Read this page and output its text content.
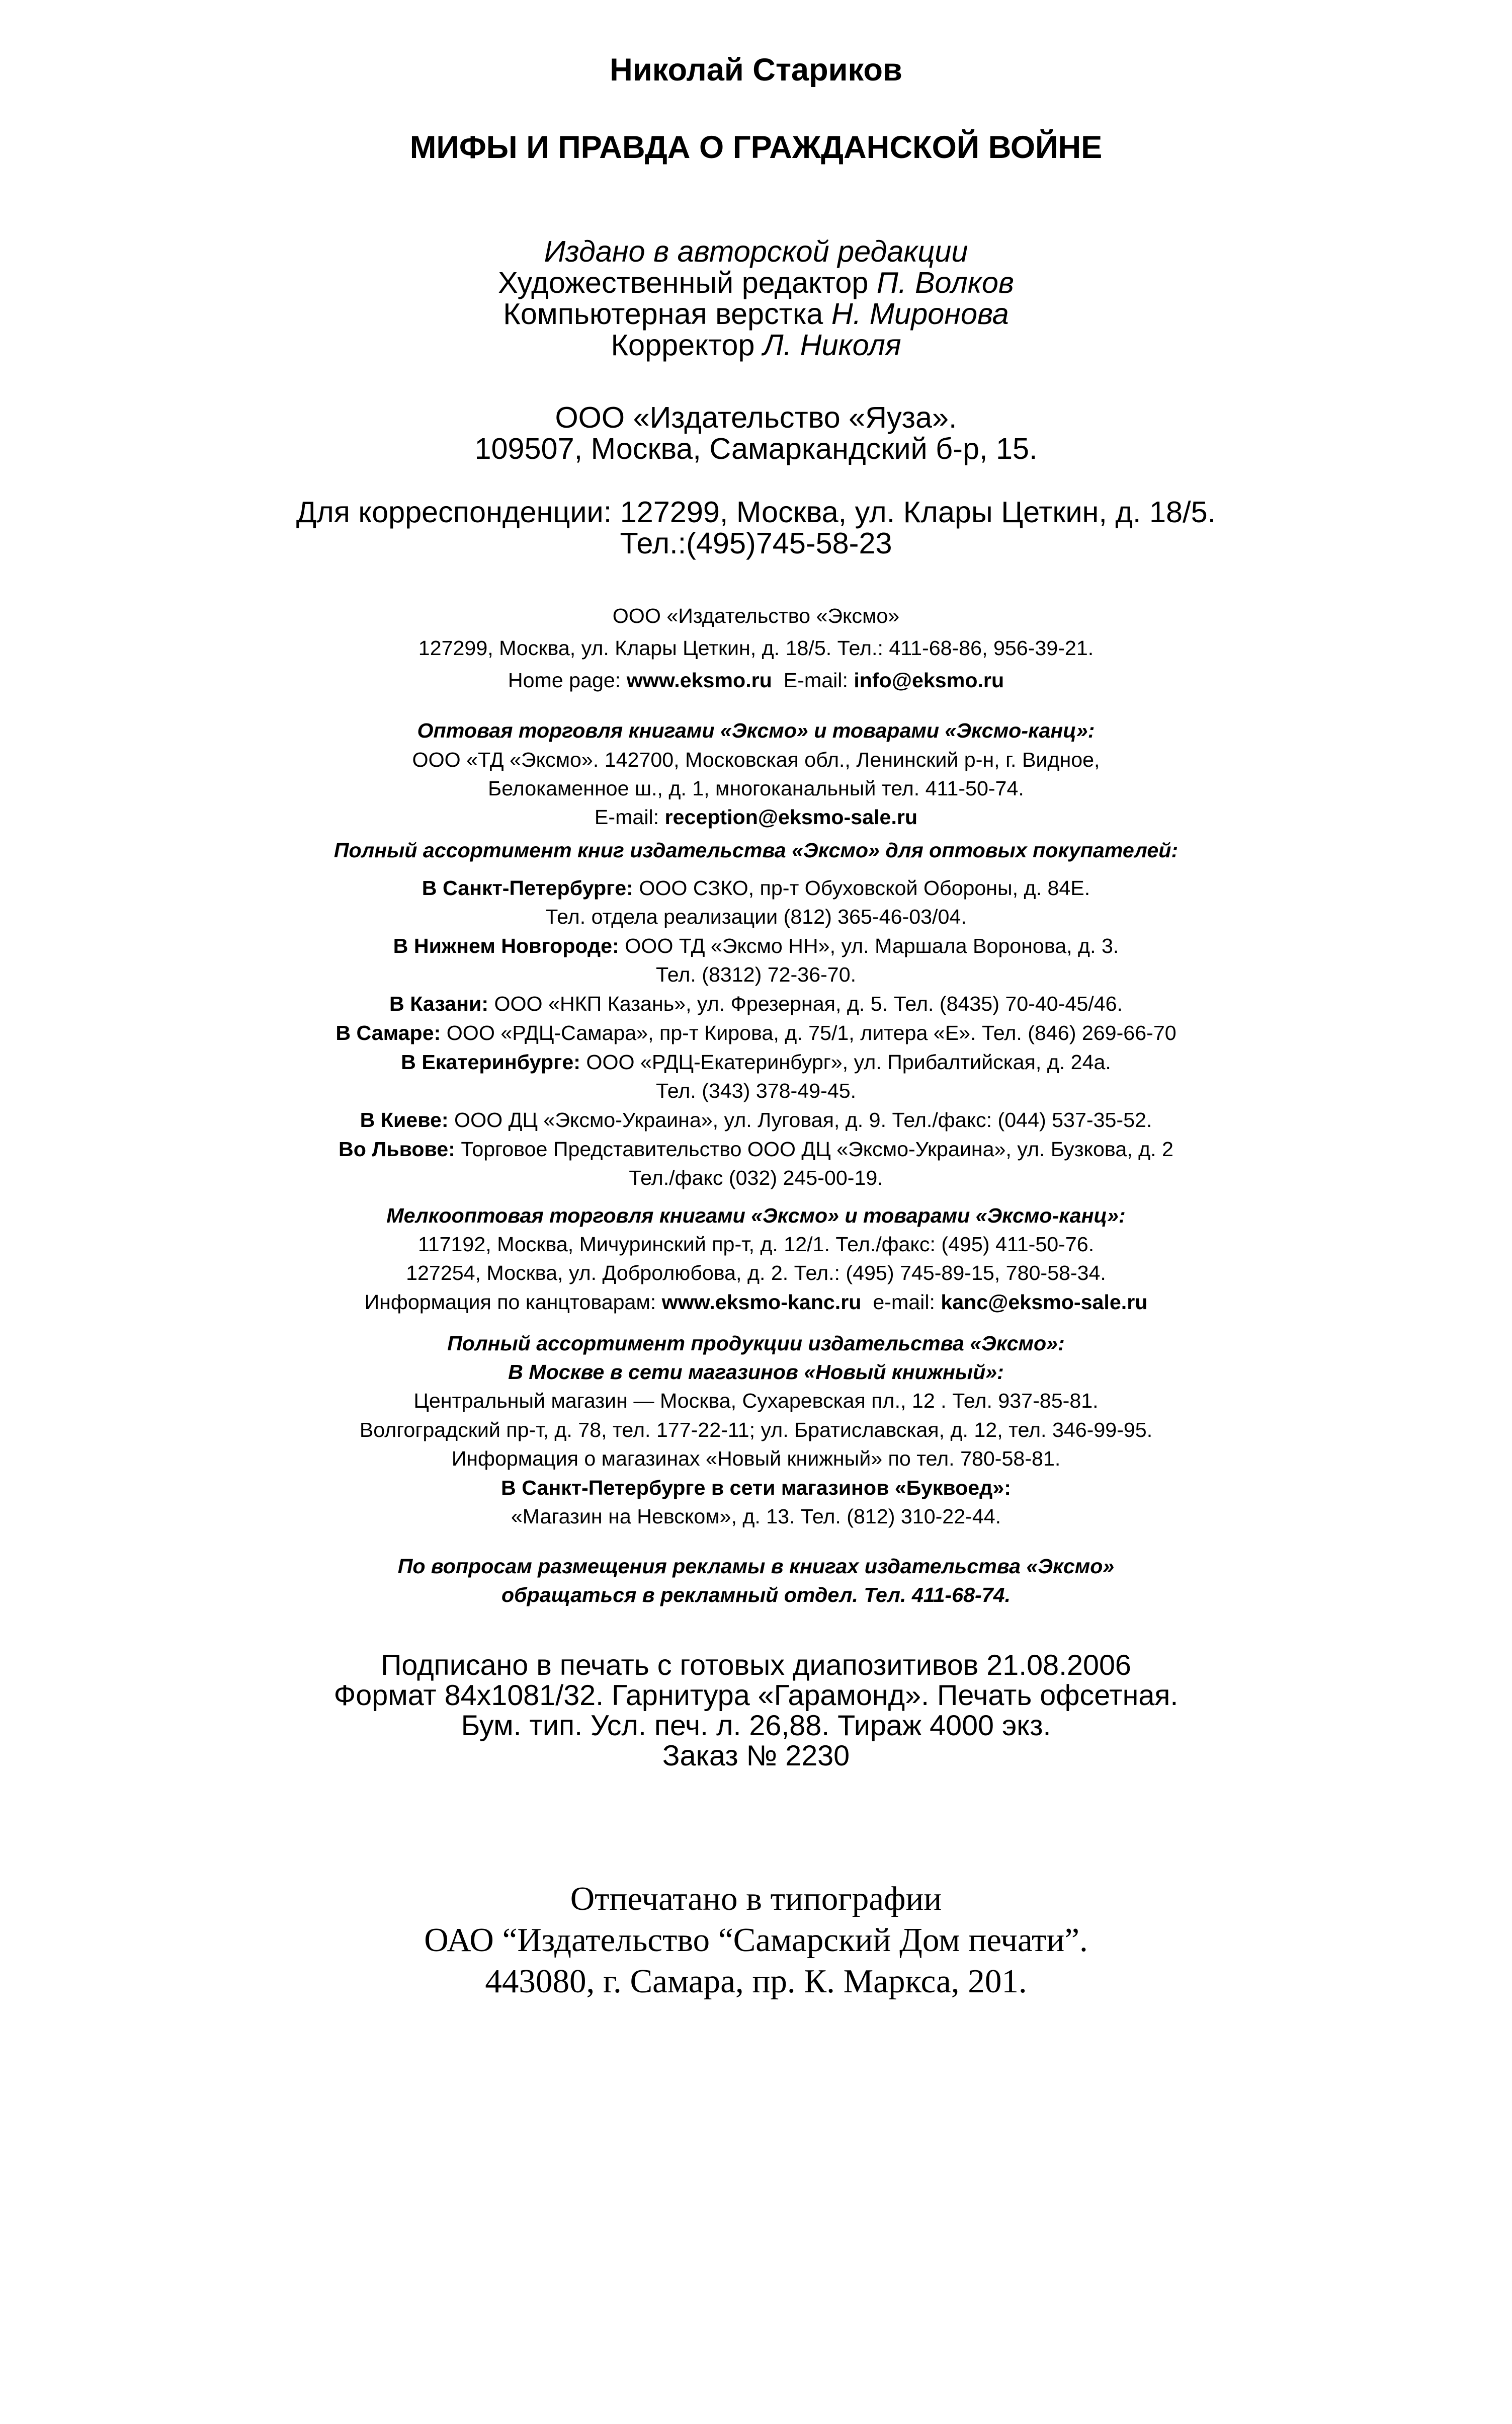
Николай Стариков
МИФЫ И ПРАВДА О ГРАЖДАНСКОЙ ВОЙНЕ
Издано в авторской редакции
Художественный редактор П. Волков
Компьютерная верстка Н. Миронова
Корректор Л. Николя
ООО «Издательство «Яуза».
109507, Москва, Самаркандский б-р, 15.
Для корреспонденции: 127299, Москва, ул. Клары Цеткин, д. 18/5.
Тел.:(495)745-58-23
ООО «Издательство «Эксмо»
127299, Москва, ул. Клары Цеткин, д. 18/5. Тел.: 411-68-86, 956-39-21.
Home page: www.eksmo.ru  E-mail: info@eksmo.ru
Оптовая торговля книгами «Эксмо» и товарами «Эксмо-канц»:
ООО «ТД «Эксмо». 142700, Московская обл., Ленинский р-н, г. Видное,
Белокаменное ш., д. 1, многоканальный тел. 411-50-74.
E-mail: reception@eksmo-sale.ru
Полный ассортимент книг издательства «Эксмо» для оптовых покупателей:
В Санкт-Петербурге: ООО СЗКО, пр-т Обуховской Обороны, д. 84Е.
Тел. отдела реализации (812) 365-46-03/04.
В Нижнем Новгороде: ООО ТД «Эксмо НН», ул. Маршала Воронова, д. 3.
Тел. (8312) 72-36-70.
В Казани: ООО «НКП Казань», ул. Фрезерная, д. 5. Тел. (8435) 70-40-45/46.
В Самаре: ООО «РДЦ-Самара», пр-т Кирова, д. 75/1, литера «Е». Тел. (846) 269-66-70
В Екатеринбурге: ООО «РДЦ-Екатеринбург», ул. Прибалтийская, д. 24а.
Тел. (343) 378-49-45.
В Киеве: ООО ДЦ «Эксмо-Украина», ул. Луговая, д. 9. Тел./факс: (044) 537-35-52.
Во Львове: Торговое Представительство ООО ДЦ «Эксмо-Украина», ул. Бузкова, д. 2
Тел./факс (032) 245-00-19.
Мелкооптовая торговля книгами «Эксмо» и товарами «Эксмо-канц»:
117192, Москва, Мичуринский пр-т, д. 12/1. Тел./факс: (495) 411-50-76.
127254, Москва, ул. Добролюбова, д. 2. Тел.: (495) 745-89-15, 780-58-34.
Информация по канцтоварам: www.eksmo-kanc.ru  e-mail: kanc@eksmo-sale.ru
Полный ассортимент продукции издательства «Эксмо»:
В Москве в сети магазинов «Новый книжный»:
Центральный магазин — Москва, Сухаревская пл., 12 . Тел. 937-85-81.
Волгоградский пр-т, д. 78, тел. 177-22-11; ул. Братиславская, д. 12, тел. 346-99-95.
Информация о магазинах «Новый книжный» по тел. 780-58-81.
В Санкт-Петербурге в сети магазинов «Буквоед»:
«Магазин на Невском», д. 13. Тел. (812) 310-22-44.
По вопросам размещения рекламы в книгах издательства «Эксмо»
обращаться в рекламный отдел. Тел. 411-68-74.
Подписано в печать с готовых диапозитивов 21.08.2006
Формат 84x1081/32. Гарнитура «Гарамонд». Печать офсетная.
Бум. тип. Усл. печ. л. 26,88. Тираж 4000 экз.
Заказ № 2230
Отпечатано в типографии
ОАО “Издательство “Самарский Дом печати”.
443080, г. Самара, пр. К. Маркса, 201.
